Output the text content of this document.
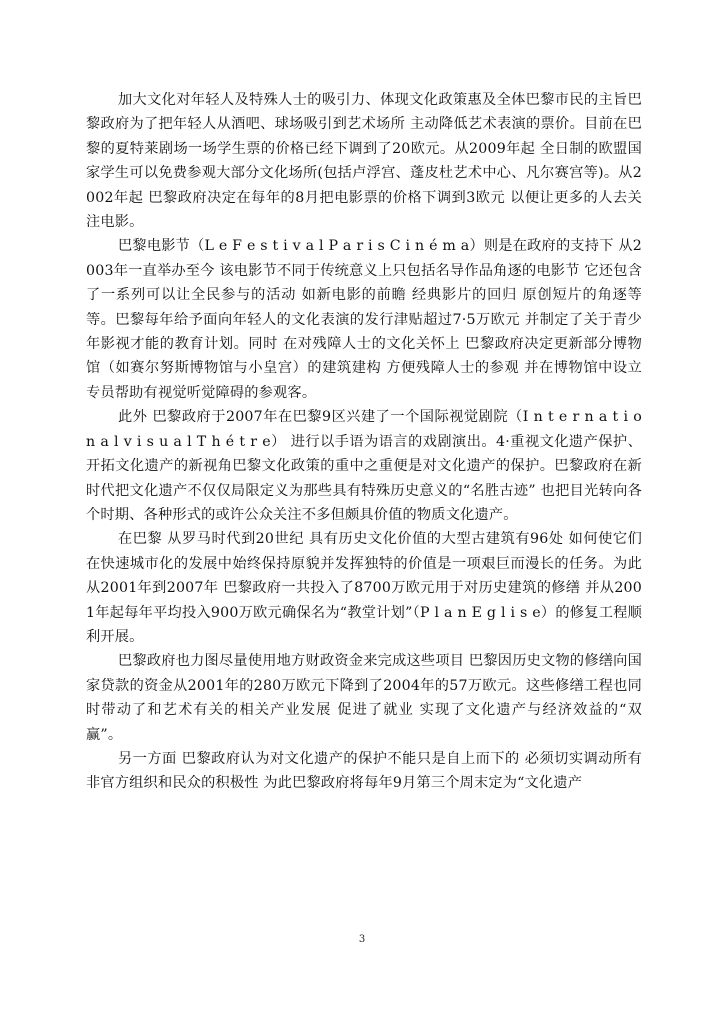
加大文化对年轻人及特殊人士的吸引力、体现文化政策惠及全体巴黎市民的主旨巴黎政府为了把年轻人从酒吧、球场吸引到艺术场所 主动降低艺术表演的票价。目前在巴黎的夏特莱剧场一场学生票的价格已经下调到了20欧元。从2009年起 全日制的欧盟国家学生可以免费参观大部分文化场所(包括卢浮宫、蓬皮杜艺术中心、凡尔赛宫等)。从2002年起 巴黎政府决定在每年的8月把电影票的价格下调到3欧元 以便让更多的人去关注电影。

巴黎电影节（L e F e s t i v a l P a r i s C i n é m a）则是在政府的支持下 从2003年一直举办至今 该电影节不同于传统意义上只包括名导作品角逐的电影节 它还包含了一系列可以让全民参与的活动 如新电影的前瞻 经典影片的回归 原创短片的角逐等等。巴黎每年给予面向年轻人的文化表演的发行津贴超过7·5万欧元 并制定了关于青少年影视才能的教育计划。同时 在对残障人士的文化关怀上 巴黎政府决定更新部分博物馆（如赛尔努斯博物馆与小皇宫）的建筑建构 方便残障人士的参观 并在博物馆中设立专员帮助有视觉听觉障碍的参观客。

此外 巴黎政府于2007年在巴黎9区兴建了一个国际视觉剧院（I n t e r n a t i o n a l v i s u a l T h é t r e） 进行以手语为语言的戏剧演出。4·重视文化遗产保护、开拓文化遗产的新视角巴黎文化政策的重中之重便是对文化遗产的保护。巴黎政府在新时代把文化遗产不仅仅局限定义为那些具有特殊历史意义的“名胜古迹” 也把目光转向各个时期、各种形式的或许公众关注不多但颇具价值的物质文化遗产。

在巴黎 从罗马时代到20世纪 具有历史文化价值的大型古建筑有96处 如何使它们在快速城市化的发展中始终保持原貌并发挥独特的价值是一项艰巨而漫长的任务。为此 从2001年到2007年 巴黎政府一共投入了8700万欧元用于对历史建筑的修缮 并从2001年起每年平均投入900万欧元确保名为“教堂计划”（P l a n E g l i s e）的修复工程顺利开展。

巴黎政府也力图尽量使用地方财政资金来完成这些项目 巴黎因历史文物的修缮向国家贷款的资金从2001年的280万欧元下降到了2004年的57万欧元。这些修缮工程也同时带动了和艺术有关的相关产业发展 促进了就业 实现了文化遗产与经济效益的“双赢”。

另一方面 巴黎政府认为对文化遗产的保护不能只是自上而下的 必须切实调动所有非官方组织和民众的积极性 为此巴黎政府将每年9月第三个周末定为“文化遗产

3
